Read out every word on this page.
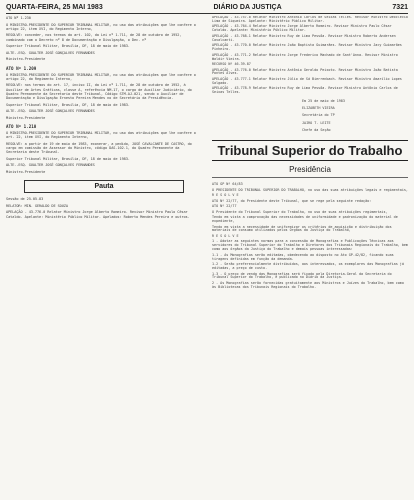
QUARTA-FEIRA, 25 MAI 1983	DIÁRIO DA JUSTIÇA	7321

ATO Nº 1.230

O MINISTRO-PRESIDENTE DO SUPERIOR TRIBUNAL MILITAR, no uso das atribuições que lhe confere o artigo 22, item XVI, do Regimento Interno,

RESOLVE: conceder, nos termos do art. 102, da Lei nº 1.711, de 28 de outubro de 1952, combinado com o Decreto nº 8 de Documentação e Divulgação, o Dec. nº

Superior Tribunal Militar, Brasília, DF, 18 de maio de 1983.

ALTE.-ESQ. GUALTER JOSÉ GONÇALVES FERNANDES

Ministro-Presidente

ATO Nº 1.209

O MINISTRO-PRESIDENTE DO SUPERIOR TRIBUNAL MILITAR, no uso das atribuições que lhe confere o artigo 22, do Regimento Interno,

RESOLVE: nos termos do art. 17, inciso II, da Lei nº 1.711, de 28 de outubro de 1952, à Auxiliar de Artes Gráficas, classe A, referência NM-17, o cargo de Auxiliar Judiciário, do Quadro Permanente da Secretaria deste Tribunal, Código STM-AJ-021, sendo o Auxiliar de Documentação e Divulgação Ernesto Pereira Mendes no de Secretário da Presidência.

Superior Tribunal Militar, Brasília, DF, 18 de maio de 1983.

ALTE.-ESQ. GUALTER JOSÉ GONÇALVES FERNANDES

Ministro-Presidente

ATO Nº 1.210

O MINISTRO-PRESIDENTE DO SUPERIOR TRIBUNAL MILITAR, no uso das atribuições que lhe confere o art. 22, item XVI, do Regimento Interno,

RESOLVE: a partir de 19 de maio de 1983, exonerar, a pedido, JOSÉ CAVALCANTE DE CASTRO, do cargo em comissão de Assessor do Ministro, código DAS-102.1, do Quadro Permanente da Secretaria deste Tribunal.

Superior Tribunal Militar, Brasília, DF, 18 de maio de 1983.

ALTE.-ESQ. GUALTER JOSÉ GONÇALVES FERNANDES

Ministro-Presidente

Pauta

Sessão de 25.05.83

RELATOR: MIN. GERALDO DE SOUZA

APELAÇÃO - 43.776-0 Relator Ministro Jorge Alberto Romeiro. Revisor Ministro Paulo César Cataldo. Apelante: Ministério Público Militar. Apelados: Roberto Mendes Pereira e outros.

APELAÇÃO - 43.757-0 Relator Ministro Antônio Carlos de Seixas Telles. Revisor Ministro Deoclécio Lima de Siqueira. Apelante: Ministério Público Militar.

APELAÇÃO - 43.764-4 Relator Ministro Jorge Alberto Romeiro. Revisor Ministro Paulo César Cataldo. Apelante: Ministério Público Militar.

APELAÇÃO - 43.768-1 Relator Ministro Ruy de Lima Pessôa. Revisor Ministro Roberto Andersen Cavalcanti.

APELAÇÃO - 43.770-0 Relator Ministro João Baptista Guimarães. Revisor Ministro Jacy Guimarães Pinheiro.

APELAÇÃO - 43.771-2 Relator Ministro Jorge Frederico Machado de Sant'Anna. Revisor Ministro Waldir Vieira.

RECURSO Nº 46.39-87

APELAÇÃO - 43.776-0 Relator Ministro Antônio Geraldo Peixoto. Revisor Ministro João Batista Pontes Alves.

APELAÇÃO - 43.777-1 Relator Ministro Júlio de Sá Bierrenbach. Revisor Ministro Amarílio Lopes Salgado.

APELAÇÃO - 43.778-9 Relator Ministro Ruy de Lima Pessôa. Revisor Ministro Antônio Carlos de Seixas Telles.

Em 25 de maio de 1983

ELIZABETH VIEIRA

Secretária do TP

JAIRO T. LEITE

Chefe da Seção

Tribunal Superior do Trabalho
Presidência

ATO GP Nº 64/83

O PRESIDENTE DO TRIBUNAL SUPERIOR DO TRABALHO, no uso das suas atribuições legais e regimentais,

R E S O L V E

ATO Nº 22/77, do Presidente deste Tribunal, que se rege pela seguinte redação:

ATO Nº 22/77

O Presidente do Tribunal Superior do Trabalho, no uso de suas atribuições regimentais,

Tendo em vista a comprovação das necessidades de uniformidade e padronização do material de expediente,

Tendo em vista a necessidade de uniformizar os critérios de aquisição e distribuição dos materiais de consumo utilizados pelos Órgãos da Justiça do Trabalho,

R E S O L V E

1 - Adotar as seguintes normas para a concessão de Monografias e Publicações Técnicas aos servidores do Tribunal Superior do Trabalho e Diretores dos Tribunais Regionais do Trabalho, bem como aos órgãos da Justiça do Trabalho e demais pessoas interessadas:

1.1 - As Monografias serão editadas, obedecendo ao disposto no Ato GP-42/82, ficando suas tiragens definidas em função da demanda.

1.2 - Serão preferencialmente distribuídos, aos interessados, os exemplares das Monografias já editadas, a preço de custo.

1.3 - O preço de venda das Monografias será fixado pela Diretoria-Geral da Secretaria do Tribunal Superior do Trabalho, e publicado no Diário da Justiça.

2 - As Monografias serão fornecidas gratuitamente aos Ministros e Juízes do Trabalho, bem como às Bibliotecas dos Tribunais Regionais do Trabalho.
